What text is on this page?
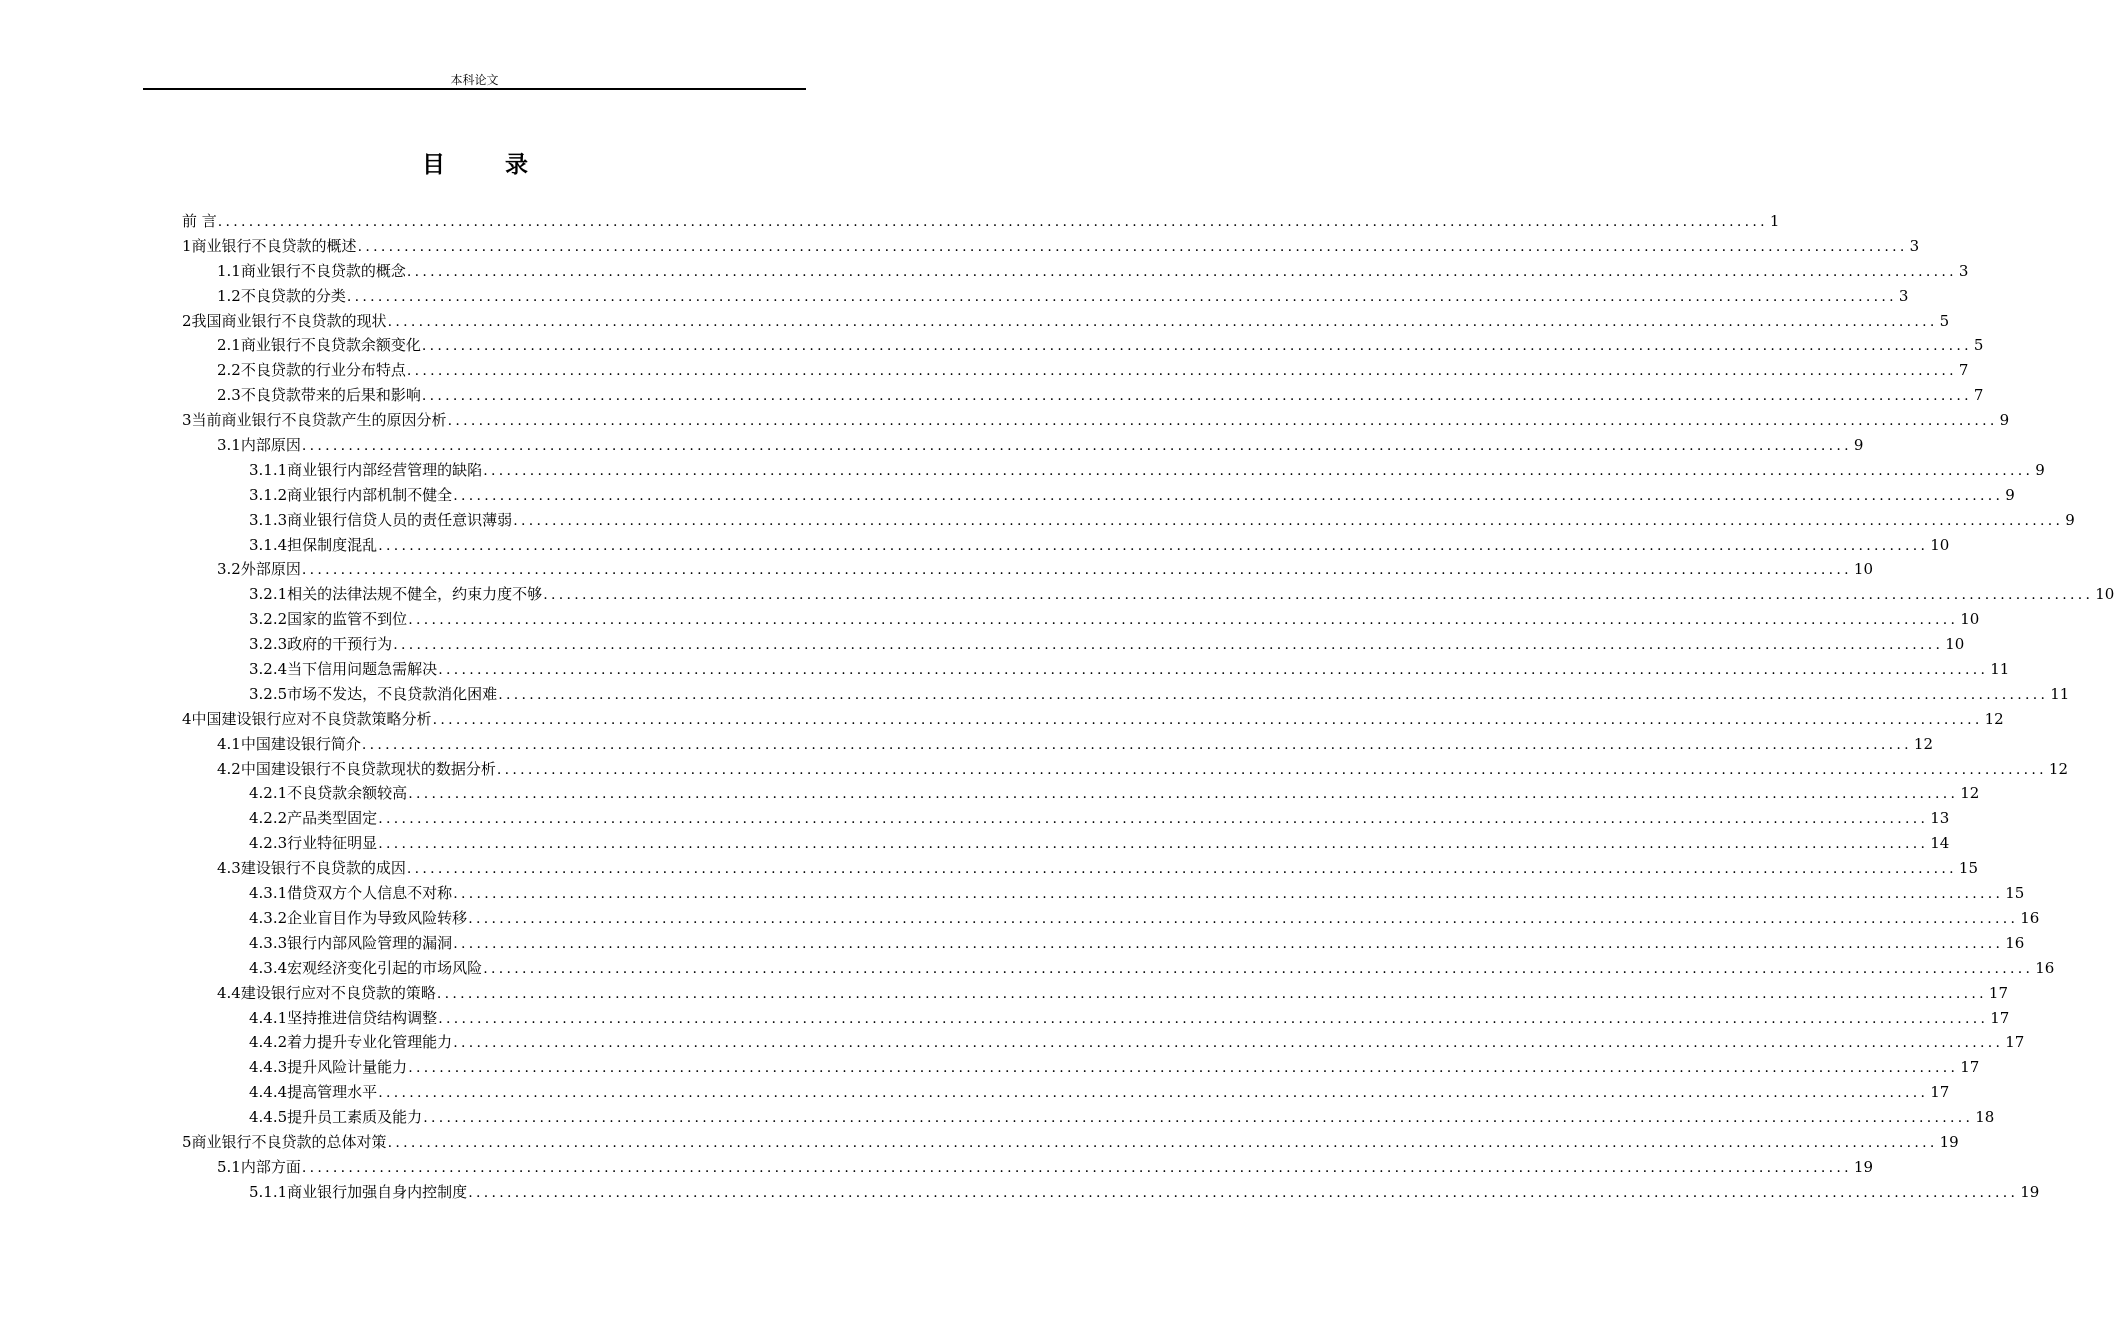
本科论文
目 录
前 言 ........................................................................................................................................................................................................ 1
1 商业银行不良贷款的概述 ........................................................................................................................................................................................................ 3
1.1 商业银行不良贷款的概念 ........................................................................................................................................................................................................ 3
1.2 不良贷款的分类 ........................................................................................................................................................................................................ 3
2 我国商业银行不良贷款的现状 ........................................................................................................................................................................................................ 5
2.1 商业银行不良贷款余额变化 ........................................................................................................................................................................................................ 5
2.2 不良贷款的行业分布特点 ........................................................................................................................................................................................................ 7
2.3 不良贷款带来的后果和影响 ........................................................................................................................................................................................................ 7
3 当前商业银行不良贷款产生的原因分析 ........................................................................................................................................................................................................ 9
3.1 内部原因 ........................................................................................................................................................................................................ 9
3.1.1 商业银行内部经营管理的缺陷 ........................................................................................................................................................................................................ 9
3.1.2 商业银行内部机制不健全 ........................................................................................................................................................................................................ 9
3.1.3 商业银行信贷人员的责任意识薄弱 ........................................................................................................................................................................................................ 9
3.1.4 担保制度混乱 ........................................................................................................................................................................................................ 10
3.2 外部原因 ........................................................................................................................................................................................................ 10
3.2.1 相关的法律法规不健全，约束力度不够 ........................................................................................................................................................................................................ 10
3.2.2 国家的监管不到位 ........................................................................................................................................................................................................ 10
3.2.3 政府的干预行为 ........................................................................................................................................................................................................ 10
3.2.4 当下信用问题急需解决 ........................................................................................................................................................................................................ 11
3.2.5 市场不发达，不良贷款消化困难 ........................................................................................................................................................................................................ 11
4 中国建设银行应对不良贷款策略分析 ........................................................................................................................................................................................................ 12
4.1 中国建设银行简介 ........................................................................................................................................................................................................ 12
4.2 中国建设银行不良贷款现状的数据分析 ........................................................................................................................................................................................................ 12
4.2.1 不良贷款余额较高 ........................................................................................................................................................................................................ 12
4.2.2 产品类型固定 ........................................................................................................................................................................................................ 13
4.2.3 行业特征明显 ........................................................................................................................................................................................................ 14
4.3 建设银行不良贷款的成因 ........................................................................................................................................................................................................ 15
4.3.1 借贷双方个人信息不对称 ........................................................................................................................................................................................................ 15
4.3.2 企业盲目作为导致风险转移 ........................................................................................................................................................................................................ 16
4.3.3 银行内部风险管理的漏洞 ........................................................................................................................................................................................................ 16
4.3.4 宏观经济变化引起的市场风险 ........................................................................................................................................................................................................ 16
4.4 建设银行应对不良贷款的策略 ........................................................................................................................................................................................................ 17
4.4.1 坚持推进信贷结构调整 ........................................................................................................................................................................................................ 17
4.4.2 着力提升专业化管理能力 ........................................................................................................................................................................................................ 17
4.4.3 提升风险计量能力 ........................................................................................................................................................................................................ 17
4.4.4 提高管理水平 ........................................................................................................................................................................................................ 17
4.4.5 提升员工素质及能力 ........................................................................................................................................................................................................ 18
5 商业银行不良贷款的总体对策 ........................................................................................................................................................................................................ 19
5.1 内部方面 ........................................................................................................................................................................................................ 19
5.1.1 商业银行加强自身内控制度 ........................................................................................................................................................................................................ 19
